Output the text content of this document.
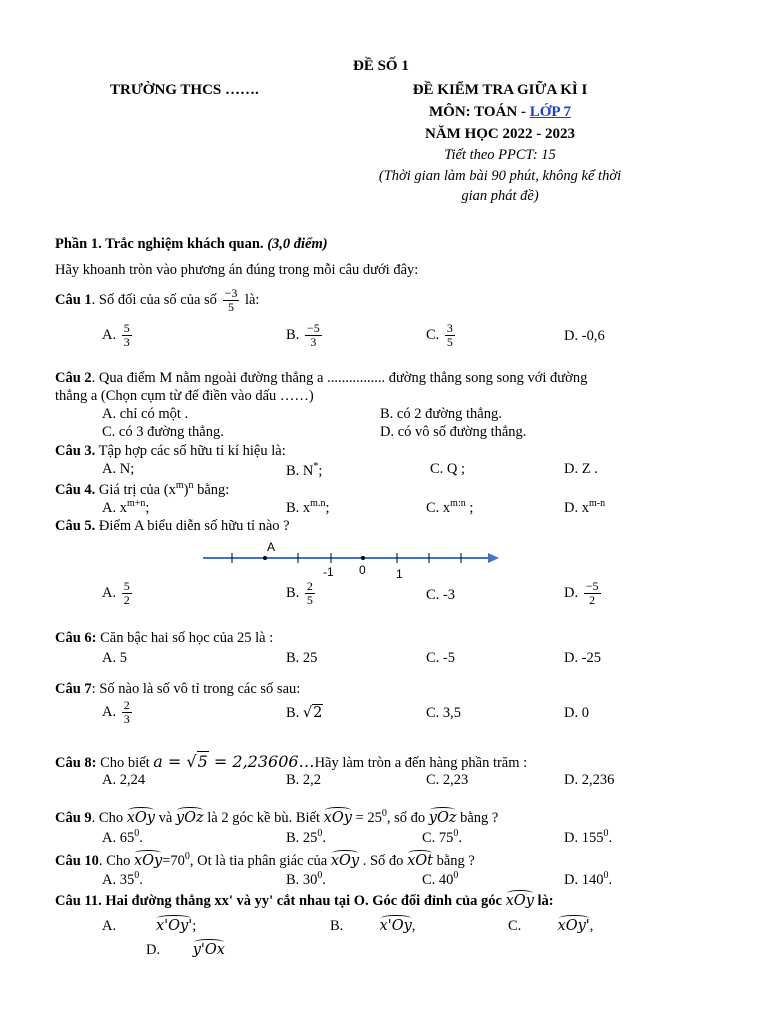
ĐỀ SỐ 1
TRƯỜNG THCS …….	ĐỀ KIỂM TRA GIỮA KÌ I
MÔN: TOÁN - LỚP 7
NĂM HỌC 2022 - 2023
Tiết theo PPCT: 15
(Thời gian làm bài 90 phút, không kể thời
gian phát đề)
Phần 1. Trắc nghiệm khách quan. (3,0 điểm)
Hãy khoanh tròn vào phương án đúng trong mỗi câu dưới đây:
Câu 1. Số đối của số của số $\frac{-3}{5}$ là:
A. $\frac{5}{3}$	B. $\frac{-5}{3}$	C. $\frac{3}{5}$	D. -0,6
Câu 2. Qua điểm M nằm ngoài đường thẳng a ................ đường thẳng song song với đường
thẳng a (Chọn cụm từ để điền vào dấu ……)
A. chỉ có một .	B. có 2 đường thẳng.
C. có 3 đường thẳng.	D. có vô số đường thẳng.
Câu 3. Tập hợp các số hữu tỉ kí hiệu là:
A. N;	B. N*;	C. Q ;	D. Z .
Câu 4. Giá trị của $(x^m)^n$ bằng:
A. $x^{m+n}$;	B. $x^{m.n}$;	C. $x^{m:n}$ ;	D. $x^{m-n}$
Câu 5. Điểm A biểu diễn số hữu tỉ nào ?
A
-1 0	1
A. $\frac{5}{2}$	B. $\frac{2}{5}$	C. -3	D. $\frac{-5}{2}$
Câu 6: Căn bậc hai số học của 25 là :
A. 5	B. 25	C. -5	D. -25
Câu 7: Số nào là số vô tỉ trong các số sau:
A. $\frac{2}{3}$	B. √2	C. 3,5	D. 0
Câu 8: Cho biết a = √5 = 2,23606…Hãy làm tròn a đến hàng phần trăm :
A. 2,24	B. 2,2	C. 2,23	D. 2,236
Câu 9. Cho xOy và yOz là 2 góc kề bù. Biết xOy = $25^0$, số đo yOz bằng ?
A. $65^0$.	B. $25^0$.	C. $75^0$.	D. $155^0$.
Câu 10. Cho $xOy=70^0$, Ot là tia phân giác của xOy . Số đo xOt bằng ?
A. $35^0$.	B. $30^0$.	C. $40^0$	D. $140^0$.
Câu 11. Hai đường thẳng xx' và yy' cắt nhau tại O. Góc đối đỉnh của góc xOy là:
A.	x'Oy';	B.	x'Oy,	C.	xOy',
D. y'Ox
